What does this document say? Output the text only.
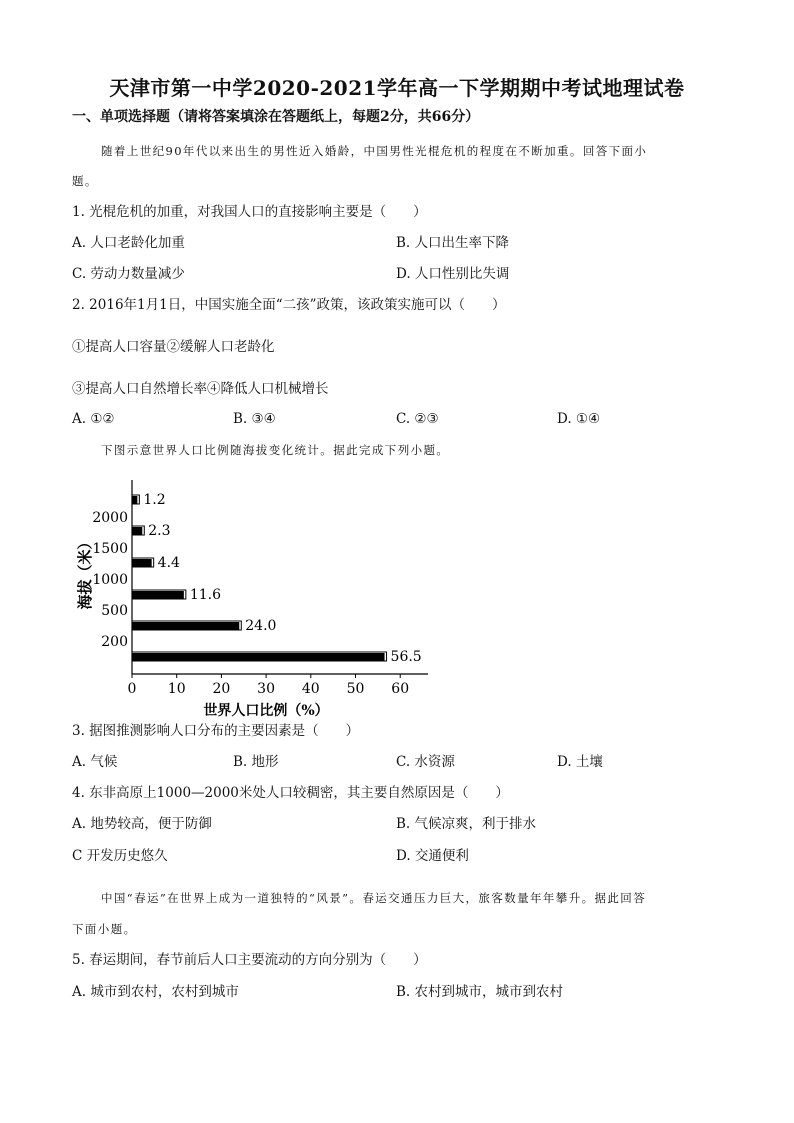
天津市第一中学2020-2021学年高一下学期期中考试地理试卷
一、单项选择题（请将答案填涂在答题纸上，每题2分，共66分）
随着上世纪90年代以来出生的男性近入婚龄，中国男性光棍危机的程度在不断加重。回答下面小
题。
1. 光棍危机的加重，对我国人口的直接影响主要是（　　）
A. 人口老龄化加重	B. 人口出生率下降
C. 劳动力数量减少	D. 人口性别比失调
2. 2016年1月1日，中国实施全面“二孩”政策，该政策实施可以（　　）
①提高人口容量②缓解人口老龄化
③提高人口自然增长率④降低人口机械增长
A. ①②	B. ③④	C. ②③	D. ①④
下图示意世界人口比例随海拔变化统计。据此完成下列小题。
1.2
2.3
4.4
11.6
24.0
56.5
2000
1500
1000
500
200
0 10 20 30 40 50 60
世界人口比例（%）
海拔（米）
3. 据图推测影响人口分布的主要因素是（　　）
A. 气候	B. 地形	C. 水资源	D. 土壤
4. 东非高原上1000—2000米处人口较稠密，其主要自然原因是（　　）
A. 地势较高，便于防御	B. 气候凉爽，利于排水
C 开发历史悠久	D. 交通便利
中国“春运”在世界上成为一道独特的“风景”。春运交通压力巨大，旅客数量年年攀升。据此回答
下面小题。
5. 春运期间，春节前后人口主要流动的方向分别为（　　）
A. 城市到农村，农村到城市	B. 农村到城市，城市到农村
